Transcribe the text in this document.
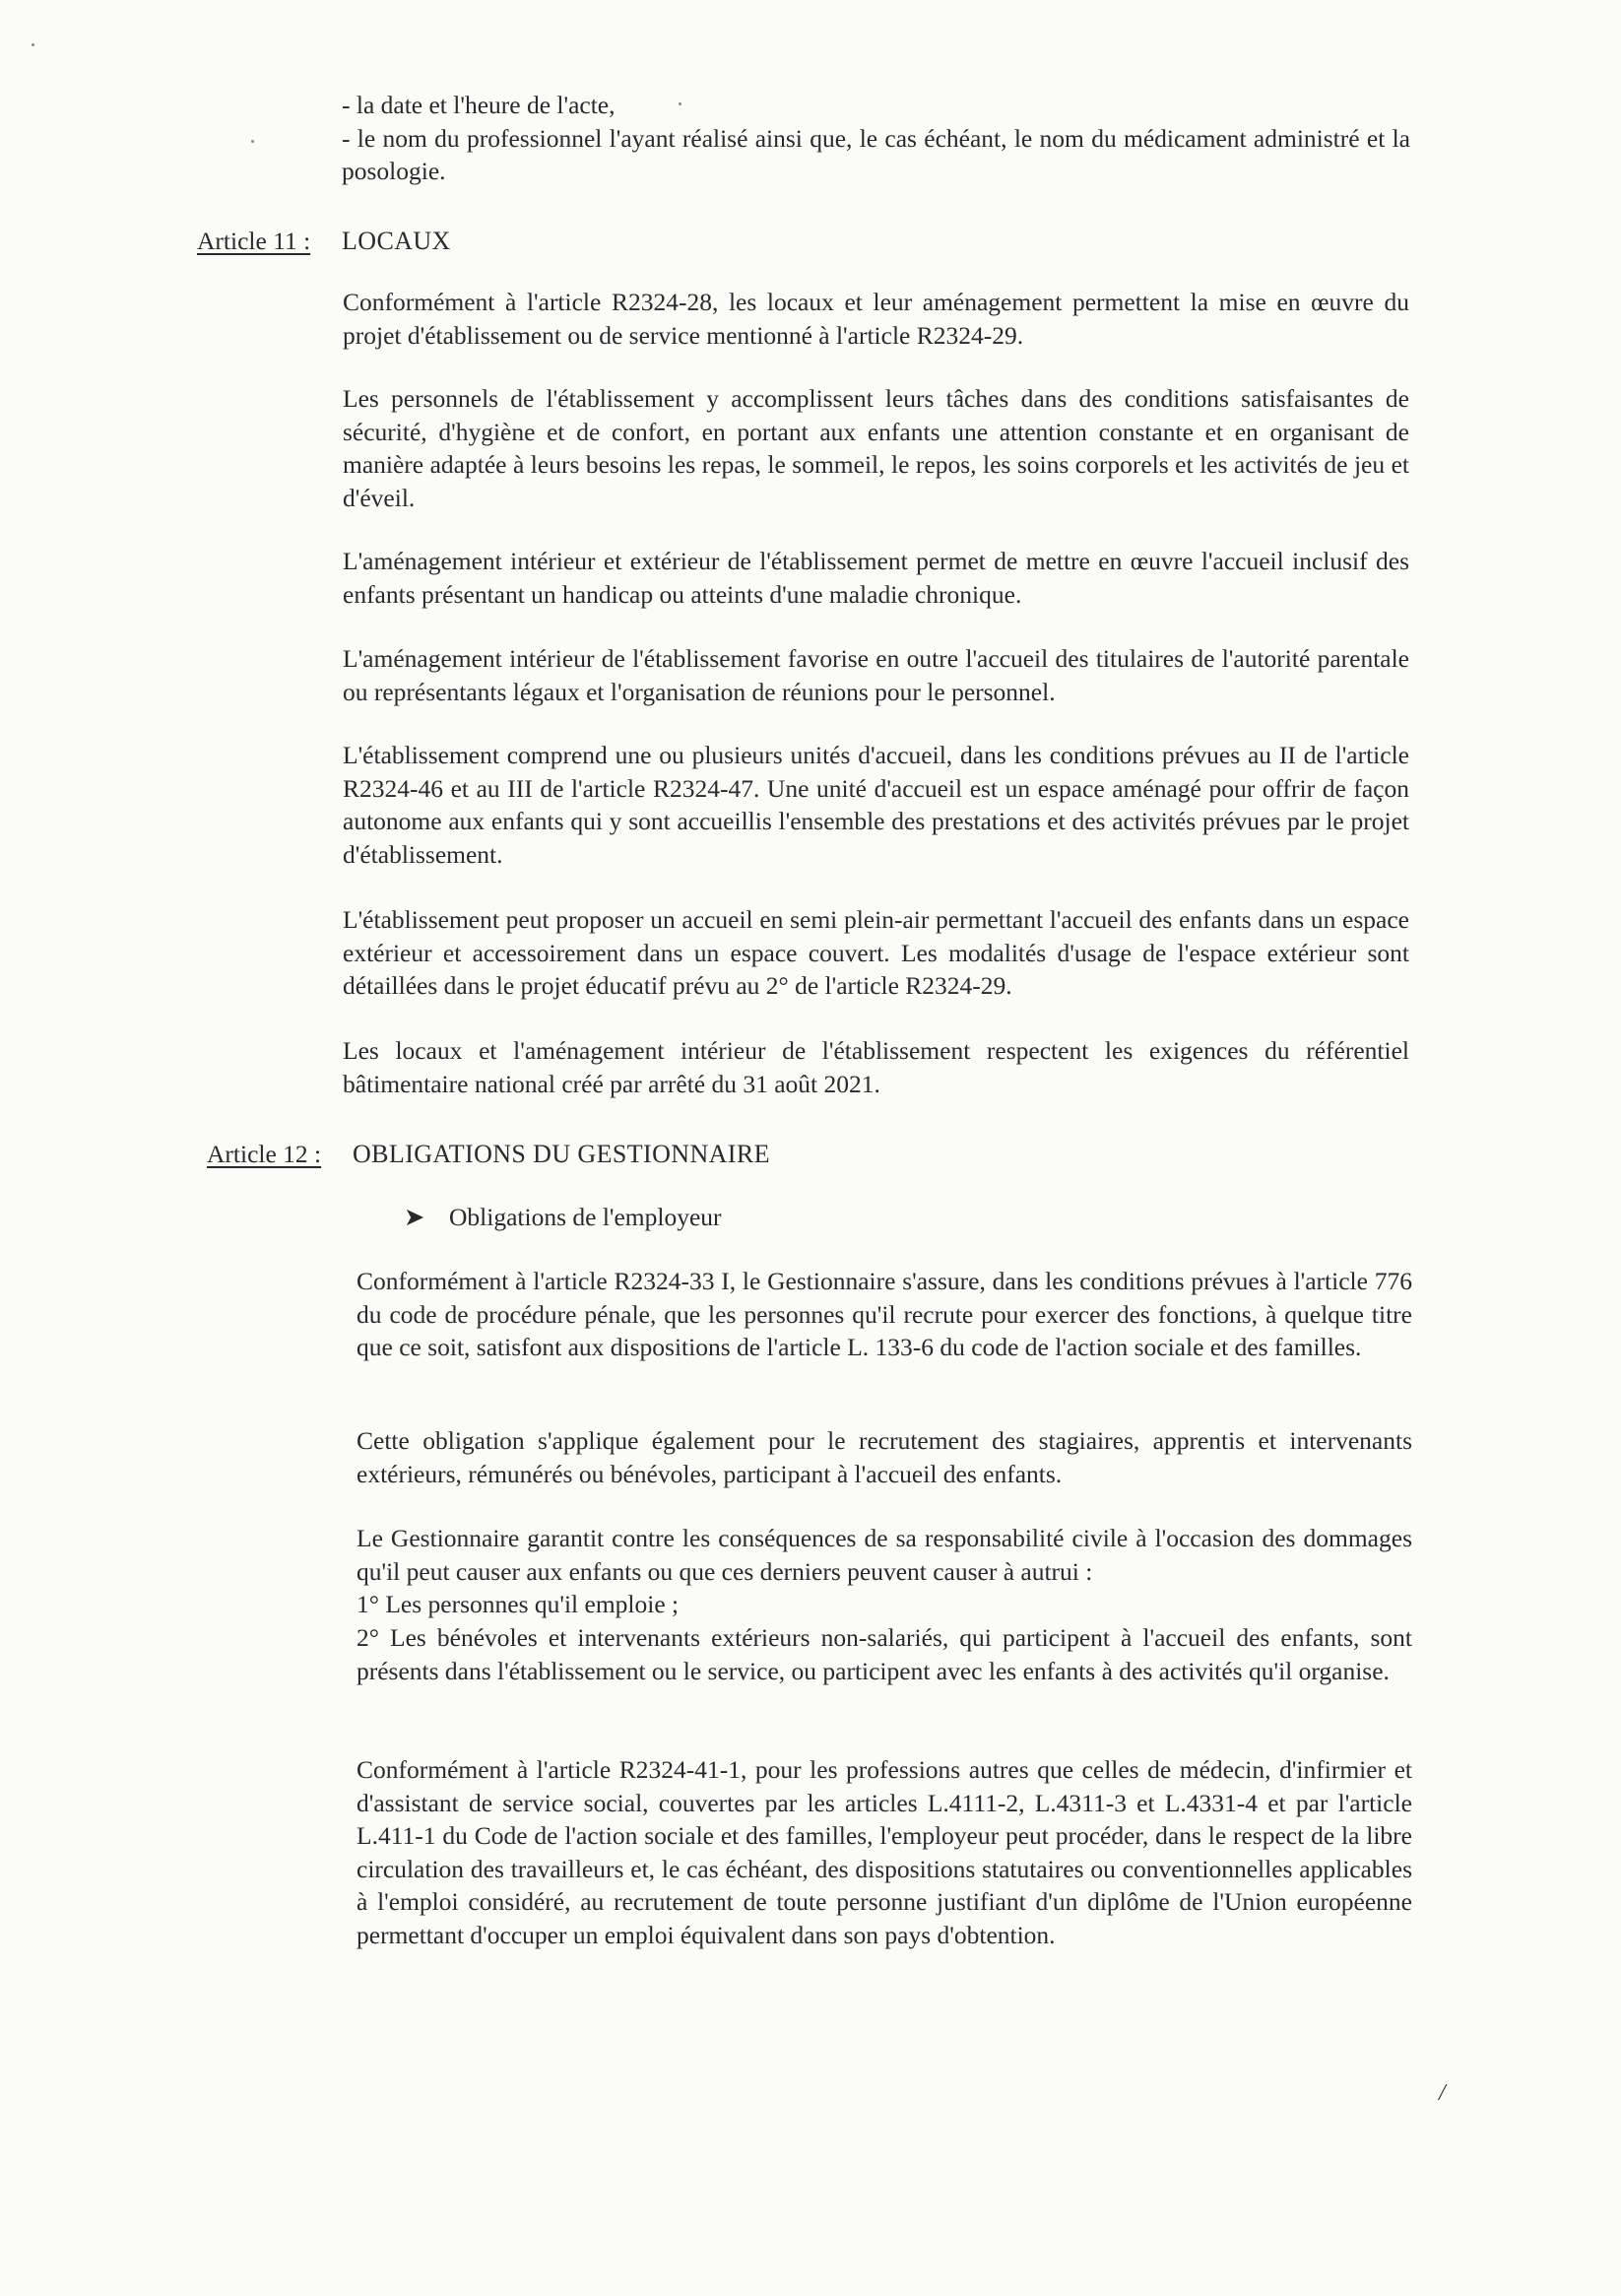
- la date et l'heure de l'acte,

- le nom du professionnel l'ayant réalisé ainsi que, le cas échéant, le nom du médicament administré et la posologie.

Article 11 : LOCAUX
Conformément à l'article R2324-28, les locaux et leur aménagement permettent la mise en œuvre du projet d'établissement ou de service mentionné à l'article R2324-29.
Les personnels de l'établissement y accomplissent leurs tâches dans des conditions satisfaisantes de sécurité, d'hygiène et de confort, en portant aux enfants une attention constante et en organisant de manière adaptée à leurs besoins les repas, le sommeil, le repos, les soins corporels et les activités de jeu et d'éveil.
L'aménagement intérieur et extérieur de l'établissement permet de mettre en œuvre l'accueil inclusif des enfants présentant un handicap ou atteints d'une maladie chronique.
L'aménagement intérieur de l'établissement favorise en outre l'accueil des titulaires de l'autorité parentale ou représentants légaux et l'organisation de réunions pour le personnel.
L'établissement comprend une ou plusieurs unités d'accueil, dans les conditions prévues au II de l'article R2324-46 et au III de l'article R2324-47. Une unité d'accueil est un espace aménagé pour offrir de façon autonome aux enfants qui y sont accueillis l'ensemble des prestations et des activités prévues par le projet d'établissement.
L'établissement peut proposer un accueil en semi plein-air permettant l'accueil des enfants dans un espace extérieur et accessoirement dans un espace couvert. Les modalités d'usage de l'espace extérieur sont détaillées dans le projet éducatif prévu au 2° de l'article R2324-29.
Les locaux et l'aménagement intérieur de l'établissement respectent les exigences du référentiel bâtimentaire national créé par arrêté du 31 août 2021.
Article 12 : OBLIGATIONS DU GESTIONNAIRE
➤ Obligations de l'employeur
Conformément à l'article R2324-33 I, le Gestionnaire s'assure, dans les conditions prévues à l'article 776 du code de procédure pénale, que les personnes qu'il recrute pour exercer des fonctions, à quelque titre que ce soit, satisfont aux dispositions de l'article L. 133-6 du code de l'action sociale et des familles.
Cette obligation s'applique également pour le recrutement des stagiaires, apprentis et intervenants extérieurs, rémunérés ou bénévoles, participant à l'accueil des enfants.
Le Gestionnaire garantit contre les conséquences de sa responsabilité civile à l'occasion des dommages qu'il peut causer aux enfants ou que ces derniers peuvent causer à autrui :
1° Les personnes qu'il emploie ;
2° Les bénévoles et intervenants extérieurs non-salariés, qui participent à l'accueil des enfants, sont présents dans l'établissement ou le service, ou participent avec les enfants à des activités qu'il organise.
Conformément à l'article R2324-41-1, pour les professions autres que celles de médecin, d'infirmier et d'assistant de service social, couvertes par les articles L.4111-2, L.4311-3 et L.4331-4 et par l'article L.411-1 du Code de l'action sociale et des familles, l'employeur peut procéder, dans le respect de la libre circulation des travailleurs et, le cas échéant, des dispositions statutaires ou conventionnelles applicables à l'emploi considéré, au recrutement de toute personne justifiant d'un diplôme de l'Union européenne permettant d'occuper un emploi équivalent dans son pays d'obtention.
/
